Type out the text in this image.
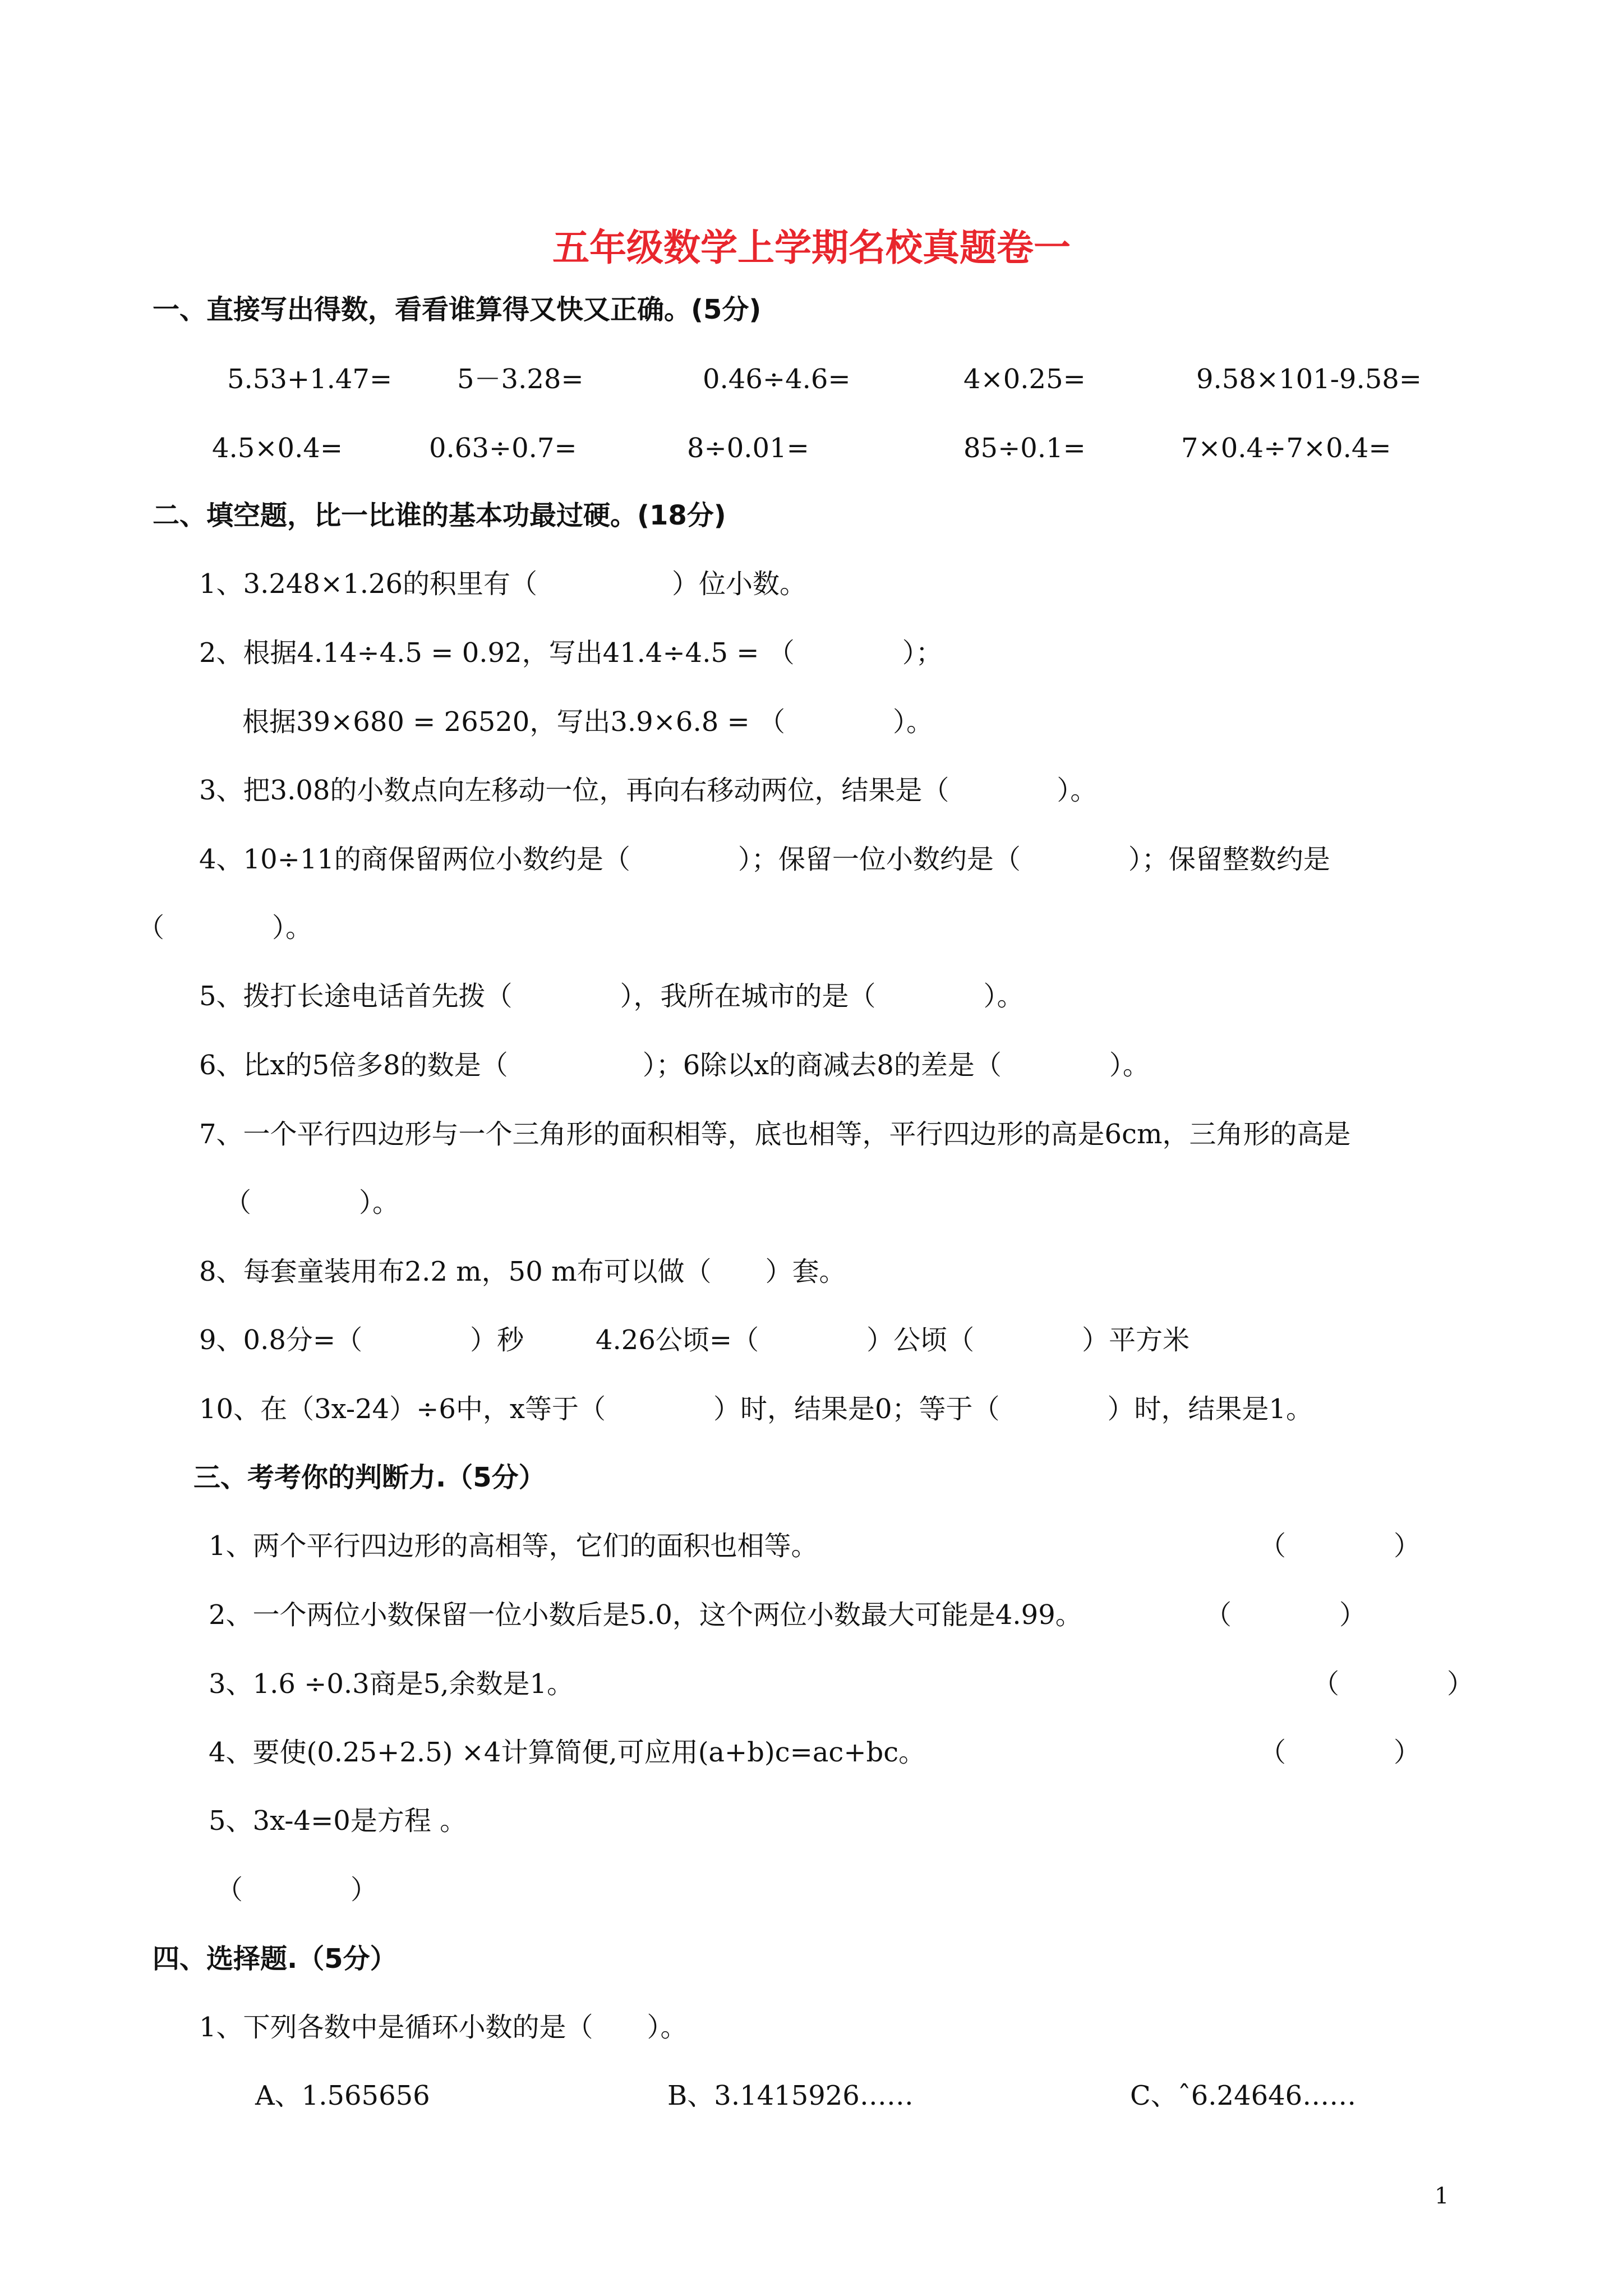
五年级数学上学期名校真题卷一
一、直接写出得数，看看谁算得又快又正确。(5分)
5.53+1.47= 5－3.28=	0.46÷4.6=	4×0.25=	9.58×101-9.58=
4.5×0.4=	0.63÷0.7=	8÷0.01=	85÷0.1=	7×0.4÷7×0.4=
二、填空题，比一比谁的基本功最过硬。(18分)
1、3.248×1.26的积里有（　　　　　）位小数。
2、根据4.14÷4.5 = 0.92，写出41.4÷4.5 = （　　　　）；
根据39×680 = 26520，写出3.9×6.8 = （　　　　）。
3、把3.08的小数点向左移动一位，再向右移动两位，结果是（　　　　）。
4、10÷11的商保留两位小数约是（　　　　）；保留一位小数约是（　　　　）；保留整数约是
（　　　　）。
5、拨打长途电话首先拨（　　　　），我所在城市的是（　　　　）。
6、比x的5倍多8的数是（　　　　　）；6除以x的商减去8的差是（　　　　）。
7、一个平行四边形与一个三角形的面积相等，底也相等，平行四边形的高是6cm，三角形的高是
（　　　　）。
8、每套童装用布2.2 m，50 m布可以做（　　）套。
9、0.8分=（　　　　）秒	4.26公顷=（　　　　）公顷（　　　　）平方米
10、在（3x-24）÷6中，x等于（　　　　）时，结果是0；等于（　　　　）时，结果是1。
三、考考你的判断力.（5分）
1、两个平行四边形的高相等，它们的面积也相等。	（　　　　）
2、一个两位小数保留一位小数后是5.0，这个两位小数最大可能是4.99。	（　　　　）
3、1.6 ÷0.3商是5,余数是1。	（　　　　）
4、要使(0.25+2.5) ×4计算简便,可应用(a+b)c=ac+bc。	（　　　　）
5、3x-4=0是方程 。
（　　　　）
四、选择题.（5分）
1、下列各数中是循环小数的是（　　）。
A、1.565656	B、3.1415926……	C、ˆ6.24646……
1
